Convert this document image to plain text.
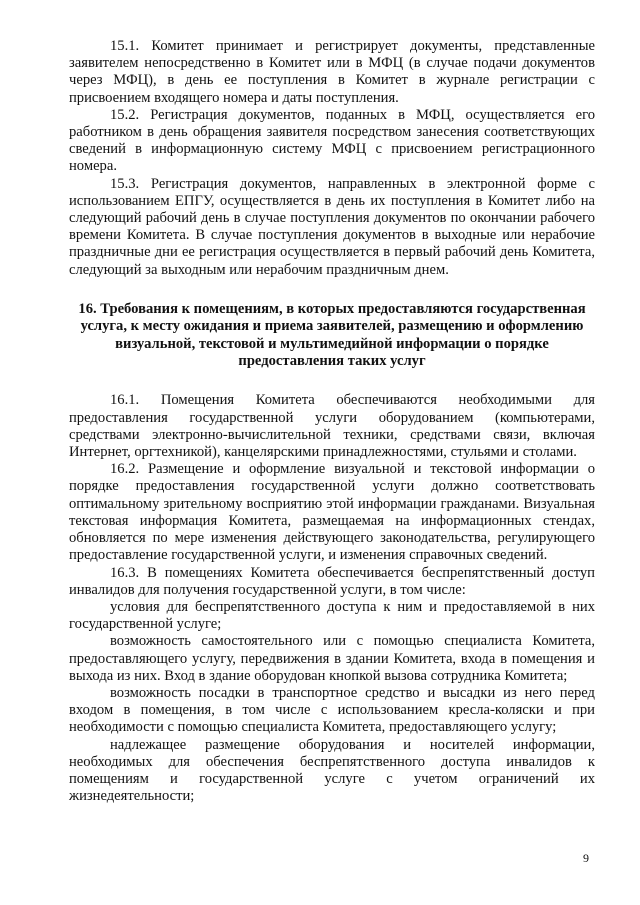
15.1. Комитет принимает и регистрирует документы, представленные заявителем непосредственно в Комитет или в МФЦ (в случае подачи документов через МФЦ), в день ее поступления в Комитет в журнале регистрации с присвоением входящего номера и даты поступления.

15.2. Регистрация документов, поданных в МФЦ, осуществляется его работником в день обращения заявителя посредством занесения соответствующих сведений в информационную систему МФЦ с присвоением регистрационного номера.

15.3. Регистрация документов, направленных в электронной форме с использованием ЕПГУ, осуществляется в день их поступления в Комитет либо на следующий рабочий день в случае поступления документов по окончании рабочего времени Комитета. В случае поступления документов в выходные или нерабочие праздничные дни ее регистрация осуществляется в первый рабочий день Комитета, следующий за выходным или нерабочим праздничным днем.

16. Требования к помещениям, в которых предоставляются государственная услуга, к месту ожидания и приема заявителей, размещению и оформлению визуальной, текстовой и мультимедийной информации о порядке предоставления таких услуг

16.1. Помещения Комитета обеспечиваются необходимыми для предоставления государственной услуги оборудованием (компьютерами, средствами электронно-вычислительной техники, средствами связи, включая Интернет, оргтехникой), канцелярскими принадлежностями, стульями и столами.

16.2. Размещение и оформление визуальной и текстовой информации о порядке предоставления государственной услуги должно соответствовать оптимальному зрительному восприятию этой информации гражданами. Визуальная текстовая информация Комитета, размещаемая на информационных стендах, обновляется по мере изменения действующего законодательства, регулирующего предоставление государственной услуги, и изменения справочных сведений.

16.3. В помещениях Комитета обеспечивается беспрепятственный доступ инвалидов для получения государственной услуги, в том числе:

условия для беспрепятственного доступа к ним и предоставляемой в них государственной услуге;

возможность самостоятельного или с помощью специалиста Комитета, предоставляющего услугу, передвижения в здании Комитета, входа в помещения и выхода из них. Вход в здание оборудован кнопкой вызова сотрудника Комитета;

возможность посадки в транспортное средство и высадки из него перед входом в помещения, в том числе с использованием кресла-коляски и при необходимости с помощью специалиста Комитета, предоставляющего услугу;

надлежащее размещение оборудования и носителей информации, необходимых для обеспечения беспрепятственного доступа инвалидов к помещениям и государственной услуге с учетом ограничений их жизнедеятельности;

9
